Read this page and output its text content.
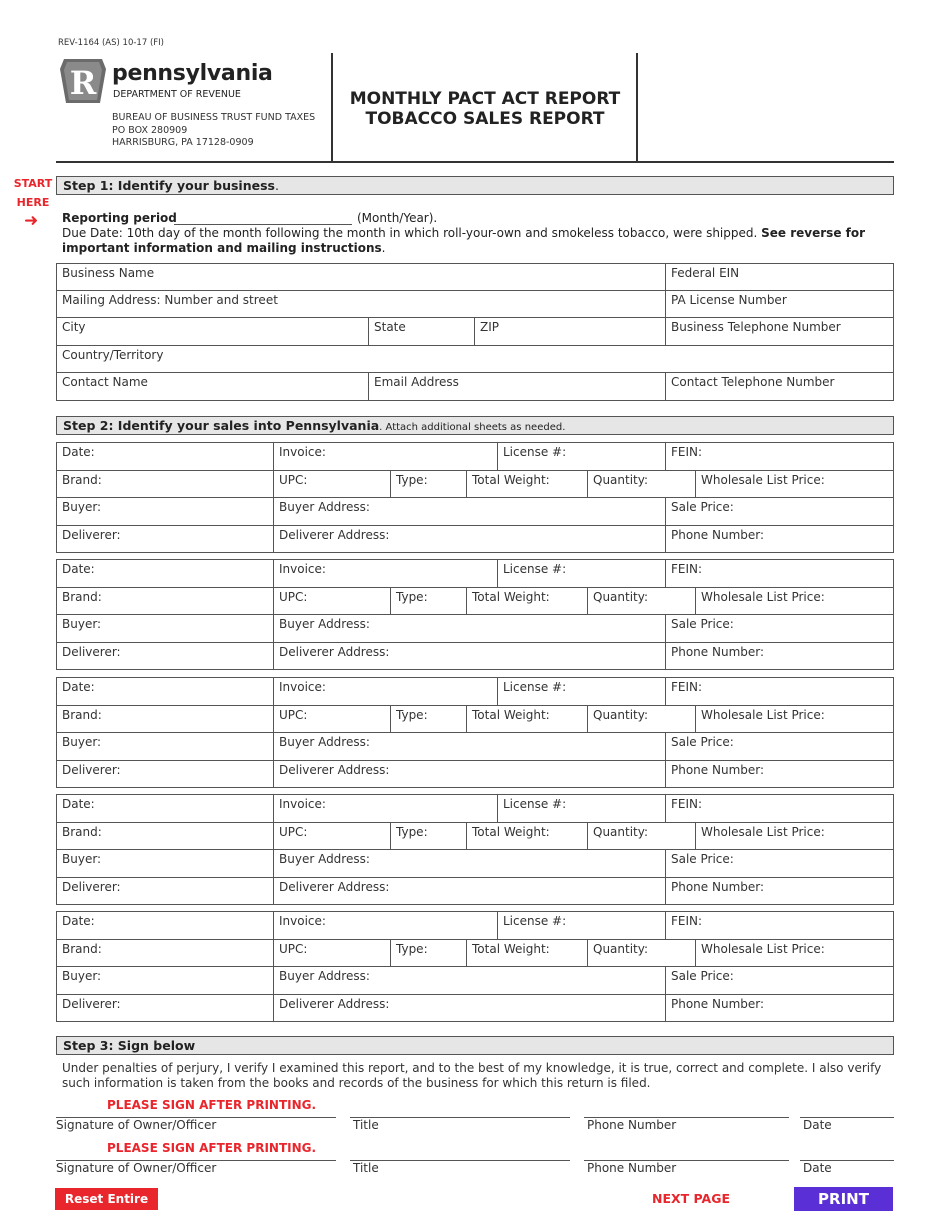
REV-1164 (AS) 10-17 (FI)
R pennsylvania
DEPARTMENT OF REVENUE
BUREAU OF BUSINESS TRUST FUND TAXES
PO BOX 280909
HARRISBURG, PA 17128-0909
MONTHLY PACT ACT REPORT
TOBACCO SALES REPORT
START
HERE
➜
Step 1: Identify your business.
Reporting period	(Month/Year).
Due Date: 10th day of the month following the month in which roll-your-own and smokeless tobacco, were shipped. See reverse for important information and mailing instructions.
Business Name	Federal EIN
Mailing Address: Number and street	PA License Number
City	State	ZIP	Business Telephone Number
Country/Territory
Contact Name	Email Address	Contact Telephone Number
Step 2: Identify your sales into Pennsylvania. Attach additional sheets as needed.
Date:	Invoice:	License #:	FEIN:
Brand:	UPC:	Type:	Total Weight:	Quantity:	Wholesale List Price:
Buyer:	Buyer Address:	Sale Price:
Deliverer:	Deliverer Address:	Phone Number:
Date:	Invoice:	License #:	FEIN:
Brand:	UPC:	Type:	Total Weight:	Quantity:	Wholesale List Price:
Buyer:	Buyer Address:	Sale Price:
Deliverer:	Deliverer Address:	Phone Number:
Date:	Invoice:	License #:	FEIN:
Brand:	UPC:	Type:	Total Weight:	Quantity:	Wholesale List Price:
Buyer:	Buyer Address:	Sale Price:
Deliverer:	Deliverer Address:	Phone Number:
Date:	Invoice:	License #:	FEIN:
Brand:	UPC:	Type:	Total Weight:	Quantity:	Wholesale List Price:
Buyer:	Buyer Address:	Sale Price:
Deliverer:	Deliverer Address:	Phone Number:
Date:	Invoice:	License #:	FEIN:
Brand:	UPC:	Type:	Total Weight:	Quantity:	Wholesale List Price:
Buyer:	Buyer Address:	Sale Price:
Deliverer:	Deliverer Address:	Phone Number:
Step 3: Sign below
Under penalties of perjury, I verify I examined this report, and to the best of my knowledge, it is true, correct and complete. I also verify such information is taken from the books and records of the business for which this return is filed.
PLEASE SIGN AFTER PRINTING.
Signature of Owner/Officer	Title	Phone Number	Date
PLEASE SIGN AFTER PRINTING.
Signature of Owner/Officer	Title	Phone Number	Date
Reset Entire Form
NEXT PAGE	PRINT FORM
